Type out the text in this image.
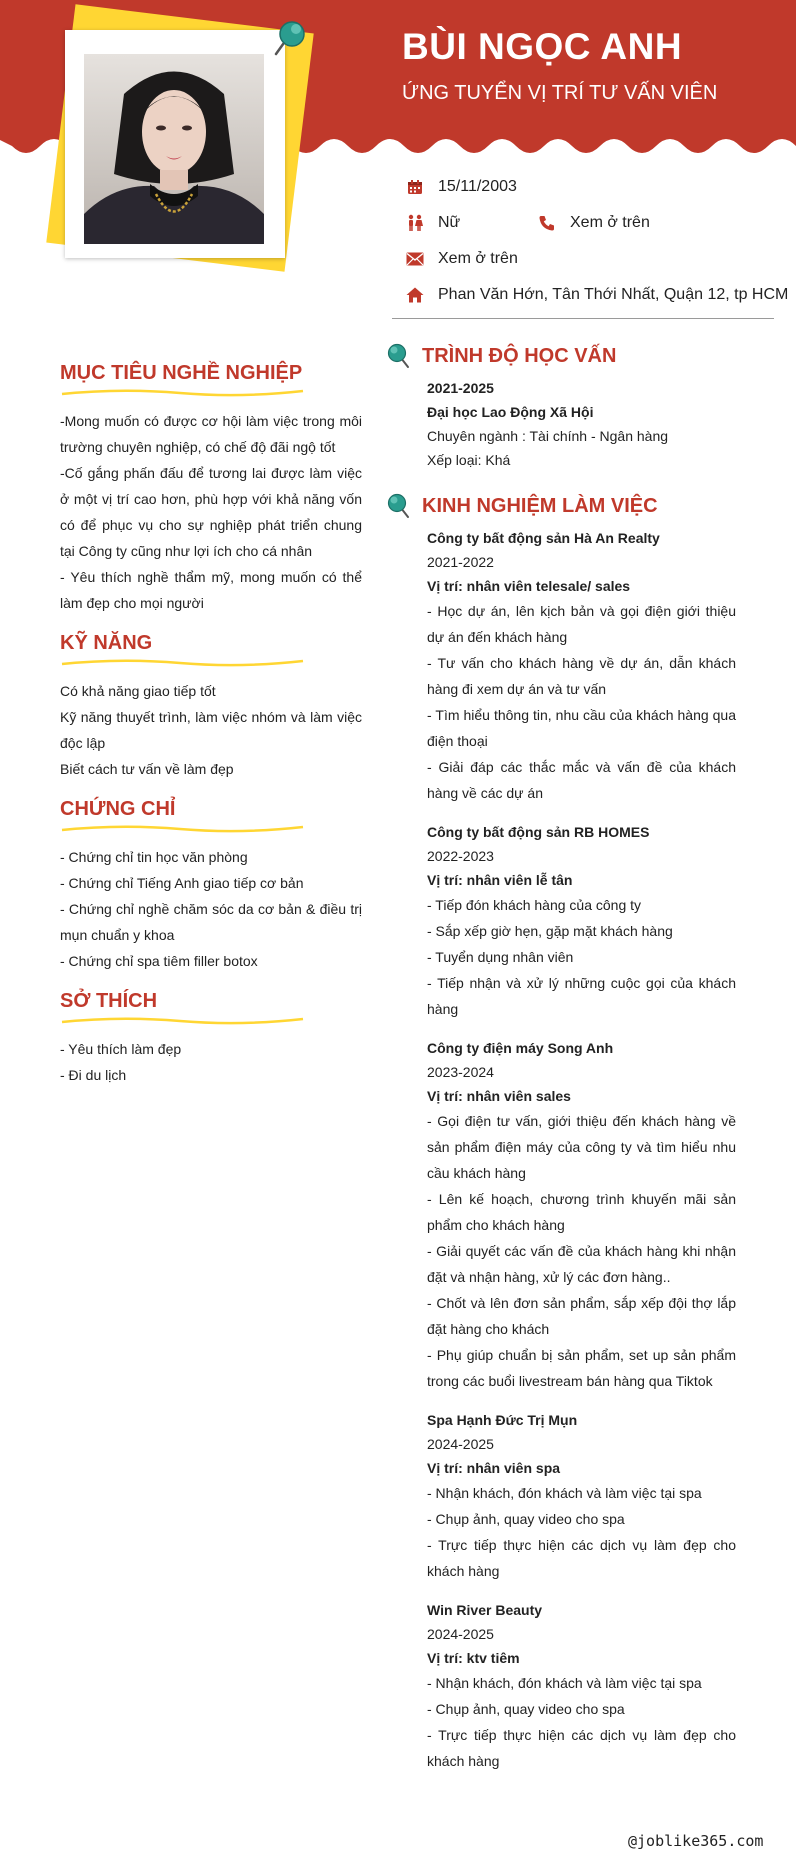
BÙI NGỌC ANH
ỨNG TUYỂN VỊ TRÍ TƯ VẤN VIÊN
15/11/2003
Nữ	Xem ở trên
Xem ở trên
Phan Văn Hớn, Tân Thới Nhất, Quận 12, tp HCM
MỤC TIÊU NGHỀ NGHIỆP

-Mong muốn có được cơ hội làm việc trong môi trường chuyên nghiệp, có chế độ đãi ngộ tốt

-Cố gắng phấn đấu để tương lai được làm việc ở một vị trí cao hơn, phù hợp với khả năng vốn có để phục vụ cho sự nghiệp phát triển chung tại Công ty cũng như lợi ích cho cá nhân

- Yêu thích nghề thẩm mỹ, mong muốn có thể làm đẹp cho mọi người

KỸ NĂNG

Có khả năng giao tiếp tốt

Kỹ năng thuyết trình, làm việc nhóm và làm việc độc lập

Biết cách tư vấn về làm đẹp

CHỨNG CHỈ

- Chứng chỉ tin học văn phòng

- Chứng chỉ Tiếng Anh giao tiếp cơ bản

- Chứng chỉ nghề chăm sóc da cơ bản & điều trị mụn chuẩn y khoa

- Chứng chỉ spa tiêm filler botox

SỞ THÍCH

- Yêu thích làm đẹp

- Đi du lịch

TRÌNH ĐỘ HỌC VẤN
2021-2025
Đại học Lao Động Xã Hội
Chuyên ngành : Tài chính - Ngân hàng
Xếp loại: Khá
KINH NGHIỆM LÀM VIỆC
Công ty bất động sản Hà An Realty
2021-2022
Vị trí: nhân viên telesale/ sales
- Học dự án, lên kịch bản và gọi điện giới thiệu dự án đến khách hàng
- Tư vấn cho khách hàng về dự án, dẫn khách hàng đi xem dự án và tư vấn
- Tìm hiểu thông tin, nhu cầu của khách hàng qua điện thoại
- Giải đáp các thắc mắc và vấn đề của khách hàng về các dự án
Công ty bất động sản RB HOMES
2022-2023
Vị trí: nhân viên lễ tân
- Tiếp đón khách hàng của công ty
- Sắp xếp giờ hẹn, gặp mặt khách hàng
- Tuyển dụng nhân viên
- Tiếp nhận và xử lý những cuộc gọi của khách hàng
Công ty điện máy Song Anh
2023-2024
Vị trí: nhân viên sales
- Gọi điện tư vấn, giới thiệu đến khách hàng về sản phẩm điện máy của công ty và tìm hiểu nhu cầu khách hàng
- Lên kế hoạch, chương trình khuyến mãi sản phẩm cho khách hàng
- Giải quyết các vấn đề của khách hàng khi nhận đặt và nhận hàng, xử lý các đơn hàng..
- Chốt và lên đơn sản phẩm, sắp xếp đội thợ lắp đặt hàng cho khách
- Phụ giúp chuẩn bị sản phẩm, set up sản phẩm trong các buổi livestream bán hàng qua Tiktok
Spa Hạnh Đức Trị Mụn
2024-2025
Vị trí: nhân viên spa
- Nhận khách, đón khách và làm việc tại spa
- Chụp ảnh, quay video cho spa
- Trực tiếp thực hiện các dịch vụ làm đẹp cho khách hàng
Win River Beauty
2024-2025
Vị trí: ktv tiêm
- Nhận khách, đón khách và làm việc tại spa
- Chụp ảnh, quay video cho spa
- Trực tiếp thực hiện các dịch vụ làm đẹp cho khách hàng
@joblike365.com
